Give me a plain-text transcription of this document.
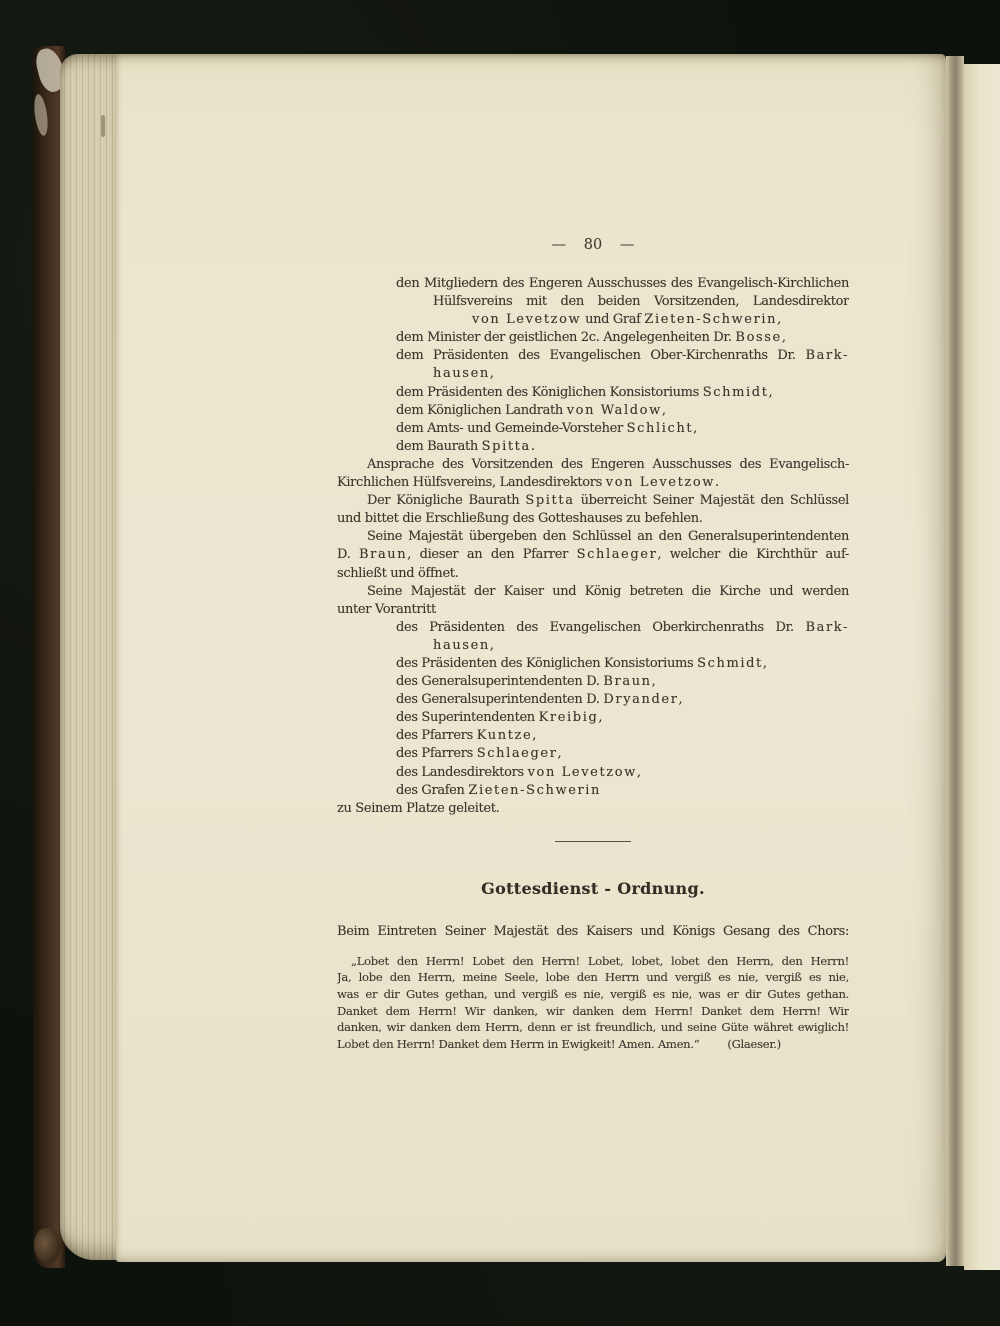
— 80 —
den Mitgliedern des Engeren Ausschusses des Evangelisch-Kirchlichen
Hülfsvereins mit den beiden Vorsitzenden, Landesdirektor
von Levetzow und Graf Zieten-Schwerin,
dem Minister der geistlichen 2c. Angelegenheiten Dr. Bosse,
dem Präsidenten des Evangelischen Ober-Kirchenraths Dr. Bark-
hausen,
dem Präsidenten des Königlichen Konsistoriums Schmidt,
dem Königlichen Landrath von Waldow,
dem Amts- und Gemeinde-Vorsteher Schlicht,
dem Baurath Spitta.
Ansprache des Vorsitzenden des Engeren Ausschusses des Evangelisch-
Kirchlichen Hülfsvereins, Landesdirektors von Levetzow.
Der Königliche Baurath Spitta überreicht Seiner Majestät den Schlüssel
und bittet die Erschließung des Gotteshauses zu befehlen.
Seine Majestät übergeben den Schlüssel an den Generalsuperintendenten
D. Braun, dieser an den Pfarrer Schlaeger, welcher die Kirchthür auf-
schließt und öffnet.
Seine Majestät der Kaiser und König betreten die Kirche und werden
unter Vorantritt
des Präsidenten des Evangelischen Oberkirchenraths Dr. Bark-
hausen,
des Präsidenten des Königlichen Konsistoriums Schmidt,
des Generalsuperintendenten D. Braun,
des Generalsuperintendenten D. Dryander,
des Superintendenten Kreibig,
des Pfarrers Kuntze,
des Pfarrers Schlaeger,
des Landesdirektors von Levetzow,
des Grafen Zieten-Schwerin
zu Seinem Platze geleitet.
Gottesdienst - Ordnung.
Beim Eintreten Seiner Majestät des Kaisers und Königs Gesang des Chors:
„Lobet den Herrn! Lobet den Herrn! Lobet, lobet, lobet den Herrn, den Herrn!
Ja, lobe den Herrn, meine Seele, lobe den Herrn und vergiß es nie, vergiß es nie,
was er dir Gutes gethan, und vergiß es nie, vergiß es nie, was er dir Gutes gethan.
Danket dem Herrn! Wir danken, wir danken dem Herrn! Danket dem Herrn! Wir
danken, wir danken dem Herrn, denn er ist freundlich, und seine Güte währet ewiglich!
Lobet den Herrn! Danket dem Herrn in Ewigkeit! Amen. Amen.“ (Glaeser.)
